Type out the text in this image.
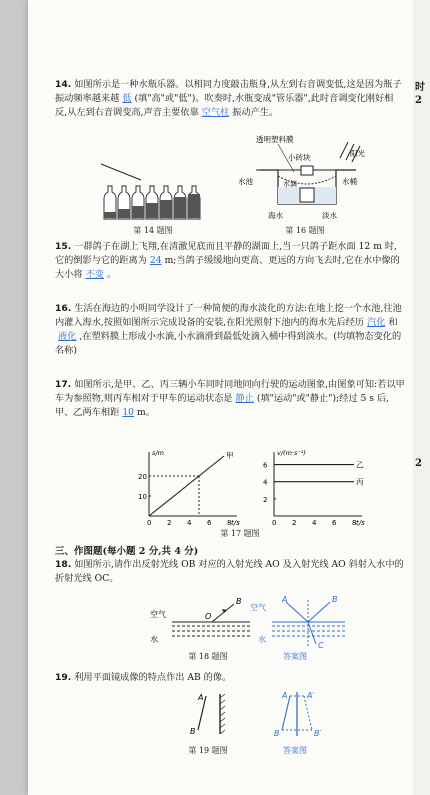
时
2
2
14. 如图所示是一种水瓶乐器。以相同力度敲击瓶身,从左到右音调变低,这是因为瓶子振动频率越来越 低 (填"高"或"低")。吹奏时,水瓶变成"管乐器",此时音调变化刚好相反,从左到右音调变高,声音主要依靠 空气柱 振动产生。
第 14 题图
透明塑料膜
小砖块	阳光
水池	水滴	水桶
海水	淡水
第 16 题图
15. 一群鸽子在湖上飞翔,在清澈见底而且平静的湖面上,当一只鸽子距水面 12 m 时,它的倒影与它的距离为 24 m;当鸽子缓缓地向更高、更远的方向飞去时,它在水中像的大小将 不变 。
16. 生活在海边的小明同学设计了一种简便的海水淡化的方法:在地上挖一个水池,往池内灌入海水,按照如图所示完成设备的安装,在阳光照射下池内的海水先后经历 汽化 和液化 ,在塑料膜上形成小水滴,小水滴滑到最低处滴入桶中得到淡水。(均填物态变化的名称)
17. 如图所示,是甲、乙、丙三辆小车同时同地同向行驶的运动图象,由图象可知:若以甲车为参照物,则丙车相对于甲车的运动状态是 静止 (填"运动"或"静止");经过 5 s 后,甲、乙两车相距 10 m。
t/s
s/m
0 2 4 6 8
10
20
甲
t/s
v/(m·s⁻¹)
0 2 4 6 8
2
4
6	乙
丙
第 17 题图
三、作图题(每小题 2 分,共 4 分)
18. 如图所示,请作出反射光线 OB 对应的入射光线 AO 及入射光线 AO 斜射入水中的折射光线 OC。
空气
水
O
B
空气
水
A	B
C
第 18 题图	答案图
19. 利用平面镜成像的特点作出 AB 的像。
A
B
A
B
A′
B′
第 19 题图	答案图
